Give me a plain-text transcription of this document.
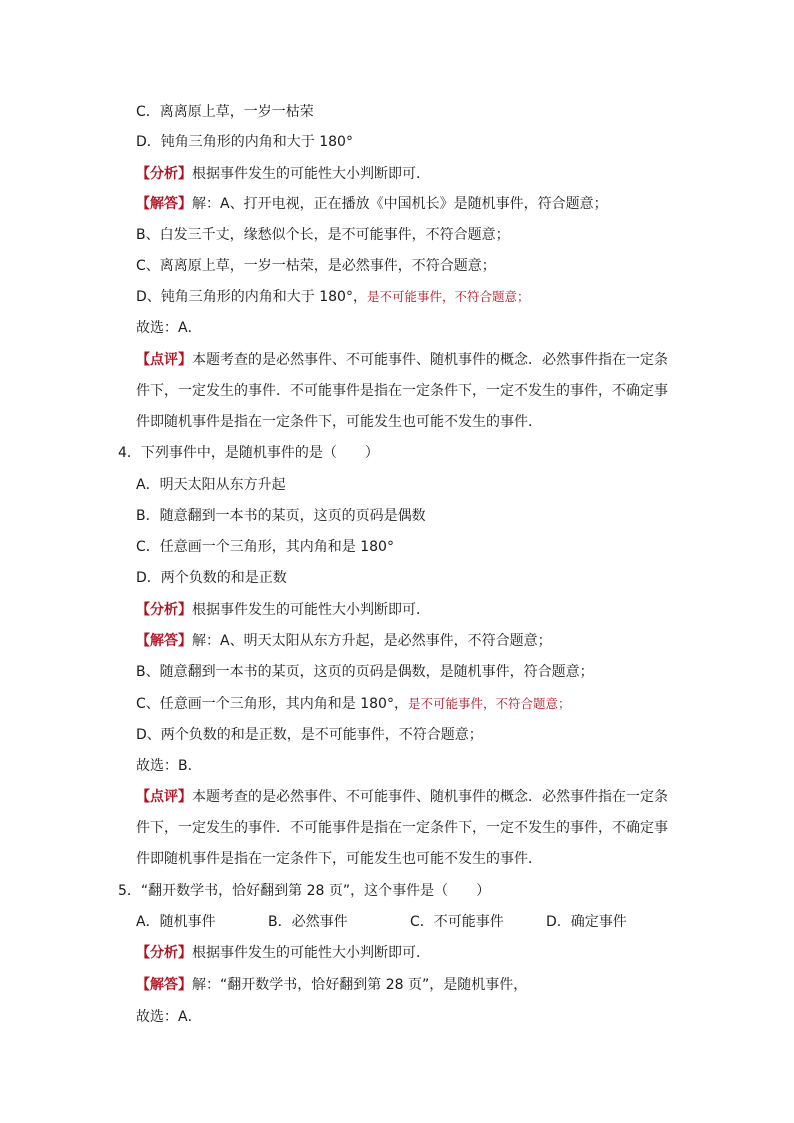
C．离离原上草，一岁一枯荣
D．钝角三角形的内角和大于 180°
【分析】根据事件发生的可能性大小判断即可．
【解答】解：A、打开电视，正在播放《中国机长》是随机事件，符合题意；
B、白发三千丈，缘愁似个长，是不可能事件，不符合题意；
C、离离原上草，一岁一枯荣，是必然事件，不符合题意；
D、钝角三角形的内角和大于 180°，是不可能事件，不符合题意；
故选：A．
【点评】本题考查的是必然事件、不可能事件、随机事件的概念．必然事件指在一定条
件下，一定发生的事件．不可能事件是指在一定条件下，一定不发生的事件，不确定事
件即随机事件是指在一定条件下，可能发生也可能不发生的事件．
4．下列事件中，是随机事件的是（　　）
A．明天太阳从东方升起
B．随意翻到一本书的某页，这页的页码是偶数
C．任意画一个三角形，其内角和是 180°
D．两个负数的和是正数
【分析】根据事件发生的可能性大小判断即可．
【解答】解：A、明天太阳从东方升起，是必然事件，不符合题意；
B、随意翻到一本书的某页，这页的页码是偶数，是随机事件，符合题意；
C、任意画一个三角形，其内角和是 180°，是不可能事件，不符合题意；
D、两个负数的和是正数，是不可能事件，不符合题意；
故选：B．
【点评】本题考查的是必然事件、不可能事件、随机事件的概念．必然事件指在一定条
件下，一定发生的事件．不可能事件是指在一定条件下，一定不发生的事件，不确定事
件即随机事件是指在一定条件下，可能发生也可能不发生的事件．
5．“翻开数学书，恰好翻到第 28 页”，这个事件是（　　）
A．随机事件	B．必然事件	C．不可能事件	D．确定事件
【分析】根据事件发生的可能性大小判断即可．
【解答】解：“翻开数学书，恰好翻到第 28 页”，是随机事件，
故选：A．
